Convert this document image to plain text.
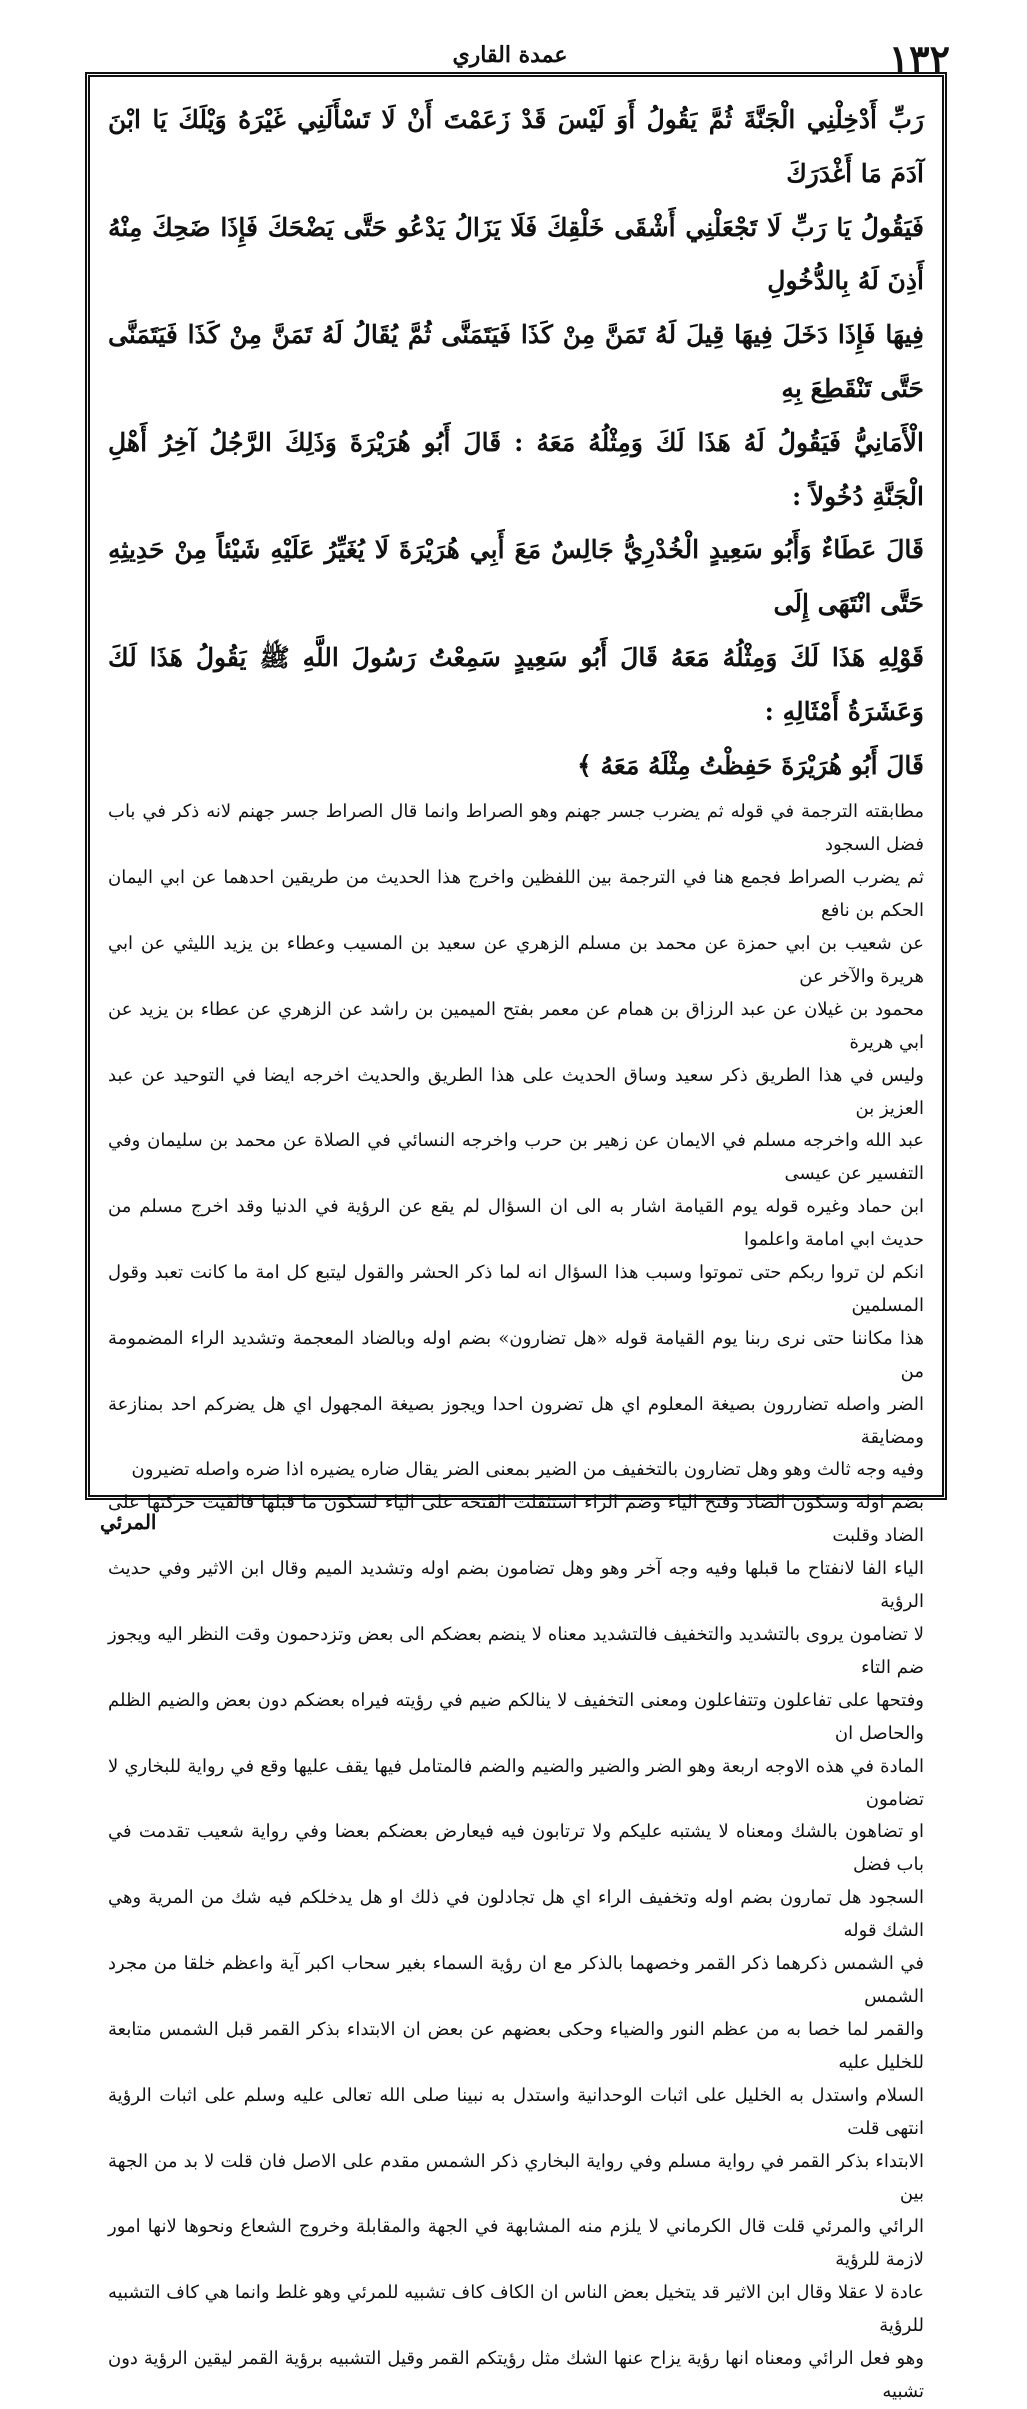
١٣٢
عمدة القاري

رَبِّ أَدْخِلْنِي الْجَنَّةَ ثُمَّ يَقُولُ أَوَ لَيْسَ قَدْ زَعَمْتَ أَنْ لَا تَسْأَلَنِي غَيْرَهُ وَيْلَكَ يَا ابْنَ آدَمَ مَا أَغْدَرَكَ

فَيَقُولُ يَا رَبِّ لَا تَجْعَلْنِي أَشْقَى خَلْقِكَ فَلَا يَزَالُ يَدْعُو حَتَّى يَضْحَكَ فَإِذَا ضَحِكَ مِنْهُ أَذِنَ لَهُ بِالدُّخُولِ

فِيهَا فَإِذَا دَخَلَ فِيهَا قِيلَ لَهُ تَمَنَّ مِنْ كَذَا فَيَتَمَنَّى ثُمَّ يُقَالُ لَهُ تَمَنَّ مِنْ كَذَا فَيَتَمَنَّى حَتَّى تَنْقَطِعَ بِهِ

الْأَمَانِيُّ فَيَقُولُ لَهُ هَذَا لَكَ وَمِثْلُهُ مَعَهُ : قَالَ أَبُو هُرَيْرَةَ وَذَلِكَ الرَّجُلُ آخِرُ أَهْلِ الْجَنَّةِ دُخُولاً :

قَالَ عَطَاءٌ وَأَبُو سَعِيدٍ الْخُدْرِيُّ جَالِسٌ مَعَ أَبِي هُرَيْرَةَ لَا يُغَيِّرُ عَلَيْهِ شَيْئاً مِنْ حَدِيثِهِ حَتَّى انْتَهَى إِلَى

قَوْلِهِ هَذَا لَكَ وَمِثْلُهُ مَعَهُ قَالَ أَبُو سَعِيدٍ سَمِعْتُ رَسُولَ اللَّهِ ﷺ يَقُولُ هَذَا لَكَ وَعَشَرَةُ أَمْثَالِهِ :

قَالَ أَبُو هُرَيْرَةَ حَفِظْتُ مِثْلَهُ مَعَهُ ﴾

مطابقته الترجمة في قوله ثم يضرب جسر جهنم وهو الصراط وانما قال الصراط جسر جهنم لانه ذكر في باب فضل السجود

ثم يضرب الصراط فجمع هنا في الترجمة بين اللفظين واخرج هذا الحديث من طريقين احدهما عن ابي اليمان الحكم بن نافع

عن شعيب بن ابي حمزة عن محمد بن مسلم الزهري عن سعيد بن المسيب وعطاء بن يزيد الليثي عن ابي هريرة والآخر عن

محمود بن غيلان عن عبد الرزاق بن همام عن معمر بفتح الميمين بن راشد عن الزهري عن عطاء بن يزيد عن ابي هريرة

وليس في هذا الطريق ذكر سعيد وساق الحديث على هذا الطريق والحديث اخرجه ايضا في التوحيد عن عبد العزيز بن

عبد الله واخرجه مسلم في الايمان عن زهير بن حرب واخرجه النسائي في الصلاة عن محمد بن سليمان وفي التفسير عن عيسى

ابن حماد وغيره قوله يوم القيامة اشار به الى ان السؤال لم يقع عن الرؤية في الدنيا وقد اخرج مسلم من حديث ابي امامة واعلموا

انكم لن تروا ربكم حتى تموتوا وسبب هذا السؤال انه لما ذكر الحشر والقول ليتبع كل امة ما كانت تعبد وقول المسلمين

هذا مكاننا حتى نرى ربنا يوم القيامة قوله «هل تضارون» بضم اوله وبالضاد المعجمة وتشديد الراء المضمومة من

الضر واصله تضاررون بصيغة المعلوم اي هل تضرون احدا ويجوز بصيغة المجهول اي هل يضركم احد بمنازعة ومضايقة

وفيه وجه ثالث وهو وهل تضارون بالتخفيف من الضير بمعنى الضر يقال ضاره يضيره اذا ضره واصله تضيرون

بضم اوله وسكون الضاد وفتح الياء وضم الراء استثقلت الفتحة على الياء لسكون ما قبلها فالقيت حركتها على الضاد وقلبت

الياء الفا لانفتاح ما قبلها وفيه وجه آخر وهو وهل تضامون بضم اوله وتشديد الميم وقال ابن الاثير وفي حديث الرؤية

لا تضامون يروى بالتشديد والتخفيف فالتشديد معناه لا ينضم بعضكم الى بعض وتزدحمون وقت النظر اليه ويجوز ضم التاء

وفتحها على تفاعلون وتتفاعلون ومعنى التخفيف لا ينالكم ضيم في رؤيته فيراه بعضكم دون بعض والضيم الظلم والحاصل ان

المادة في هذه الاوجه اربعة وهو الضر والضير والضيم والضم فالمتامل فيها يقف عليها وقع في رواية للبخاري لا تضامون

او تضاهون بالشك ومعناه لا يشتبه عليكم ولا ترتابون فيه فيعارض بعضكم بعضا وفي رواية شعيب تقدمت في باب فضل

السجود هل تمارون بضم اوله وتخفيف الراء اي هل تجادلون في ذلك او هل يدخلكم فيه شك من المرية وهي الشك قوله

في الشمس ذكرهما ذكر القمر وخصهما بالذكر مع ان رؤية السماء بغير سحاب اكبر آية واعظم خلقا من مجرد الشمس

والقمر لما خصا به من عظم النور والضياء وحكى بعضهم عن بعض ان الابتداء بذكر القمر قبل الشمس متابعة للخليل عليه

السلام واستدل به الخليل على اثبات الوحدانية واستدل به نبينا صلى الله تعالى عليه وسلم على اثبات الرؤية انتهى قلت

الابتداء بذكر القمر في رواية مسلم وفي رواية البخاري ذكر الشمس مقدم على الاصل فان قلت لا بد من الجهة بين

الرائي والمرئي قلت قال الكرماني لا يلزم منه المشابهة في الجهة والمقابلة وخروج الشعاع ونحوها لانها امور لازمة للرؤية

عادة لا عقلا وقال ابن الاثير قد يتخيل بعض الناس ان الكاف كاف تشبيه للمرئي وهو غلط وانما هي كاف التشبيه للرؤية

وهو فعل الرائي ومعناه انها رؤية يزاح عنها الشك مثل رؤيتكم القمر وقيل التشبيه برؤية القمر ليقين الرؤية دون تشبيه

المرئي
